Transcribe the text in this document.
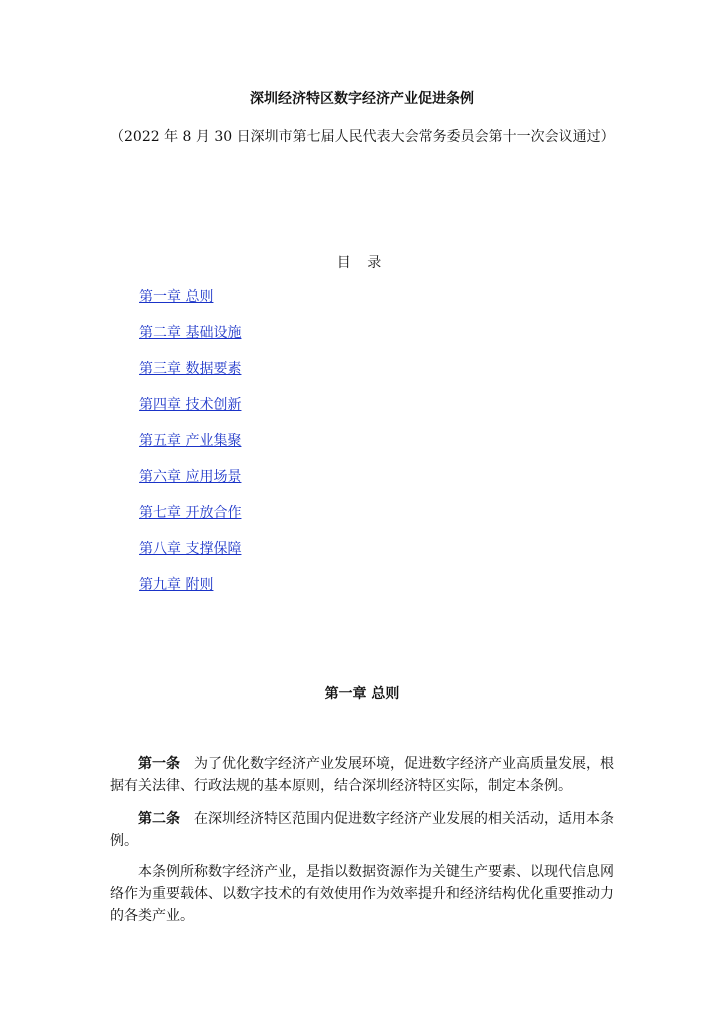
深圳经济特区数字经济产业促进条例
（2022 年 8 月 30 日深圳市第七届人民代表大会常务委员会第十一次会议通过）
目 录
第一章 总则
第二章 基础设施
第三章 数据要素
第四章 技术创新
第五章 产业集聚
第六章 应用场景
第七章 开放合作
第八章 支撑保障
第九章 附则
第一章 总则

第一条 为了优化数字经济产业发展环境，促进数字经济产业高质量发展，根据有关法律、行政法规的基本原则，结合深圳经济特区实际，制定本条例。

第二条 在深圳经济特区范围内促进数字经济产业发展的相关活动，适用本条例。

本条例所称数字经济产业，是指以数据资源作为关键生产要素、以现代信息网络作为重要载体、以数字技术的有效使用作为效率提升和经济结构优化重要推动力的各类产业。
